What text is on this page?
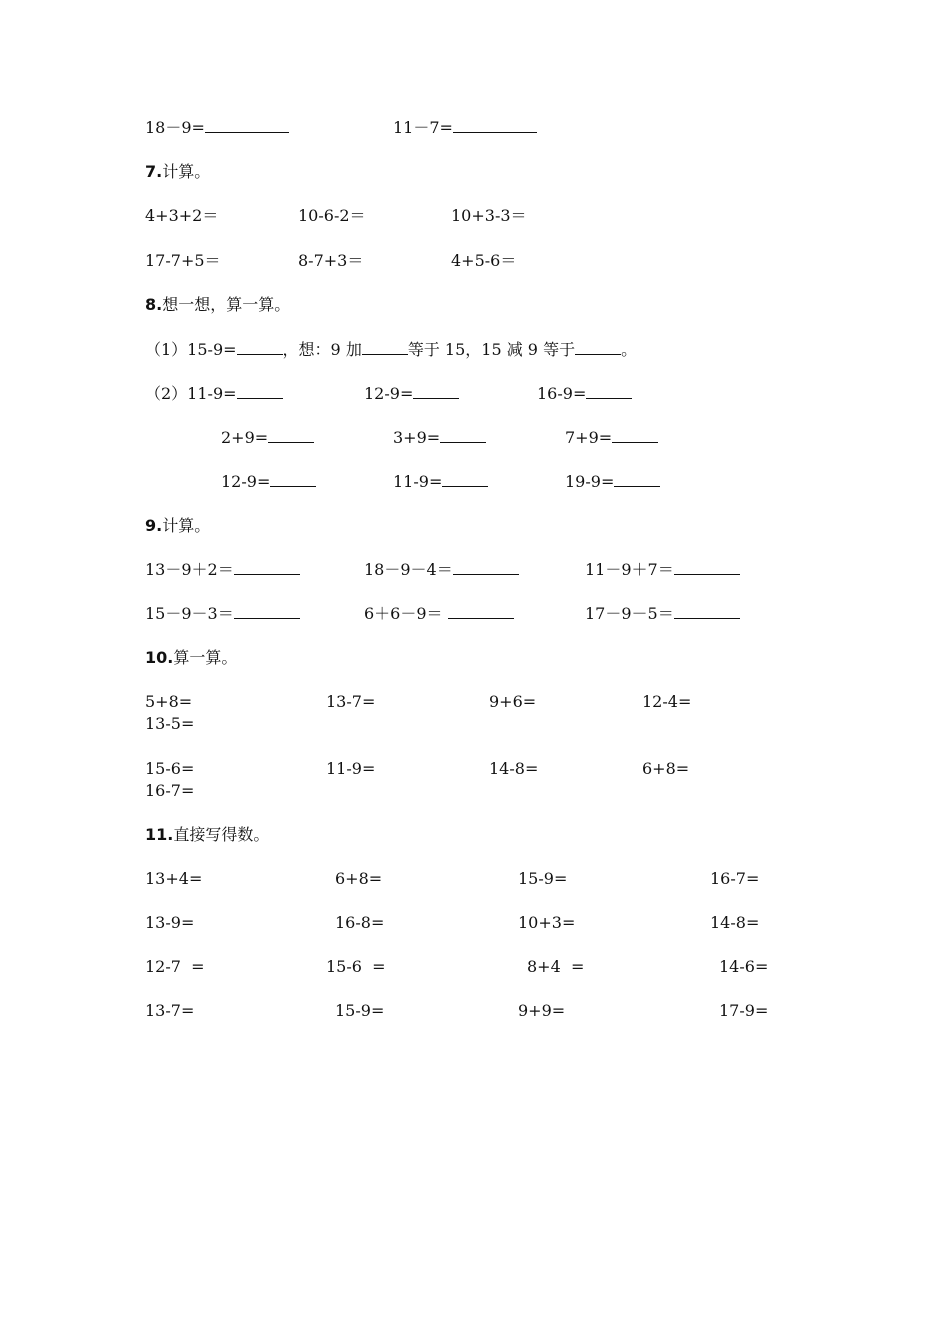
18－9=	11－7=
7.计算。
4+3+2＝	10-6-2＝	10+3-3＝
17-7+5＝	8-7+3＝	4+5-6＝
8.想一想，算一算。
（1）15-9=	，想：9 加	等于 15，15 减 9 等于	。
（2）11-9=	12-9=	16-9=
2+9=	3+9=	7+9=
12-9=	11-9=	19-9=
9.计算。
13－9＋2＝	18－9－4＝	11－9＋7＝
15－9－3＝	6＋6－9＝	17－9－5＝
10.算一算。
5+8=	13-7=	9+6=	12-4=
13-5=
15-6=	11-9=	14-8=	6+8=
16-7=
11.直接写得数。
13+4=	6+8=	15-9=	16-7=
13-9=	16-8=	10+3=	14-8=
12-7  =	15-6  =	8+4  =	14-6=
13-7=	15-9=	9+9=	17-9=
